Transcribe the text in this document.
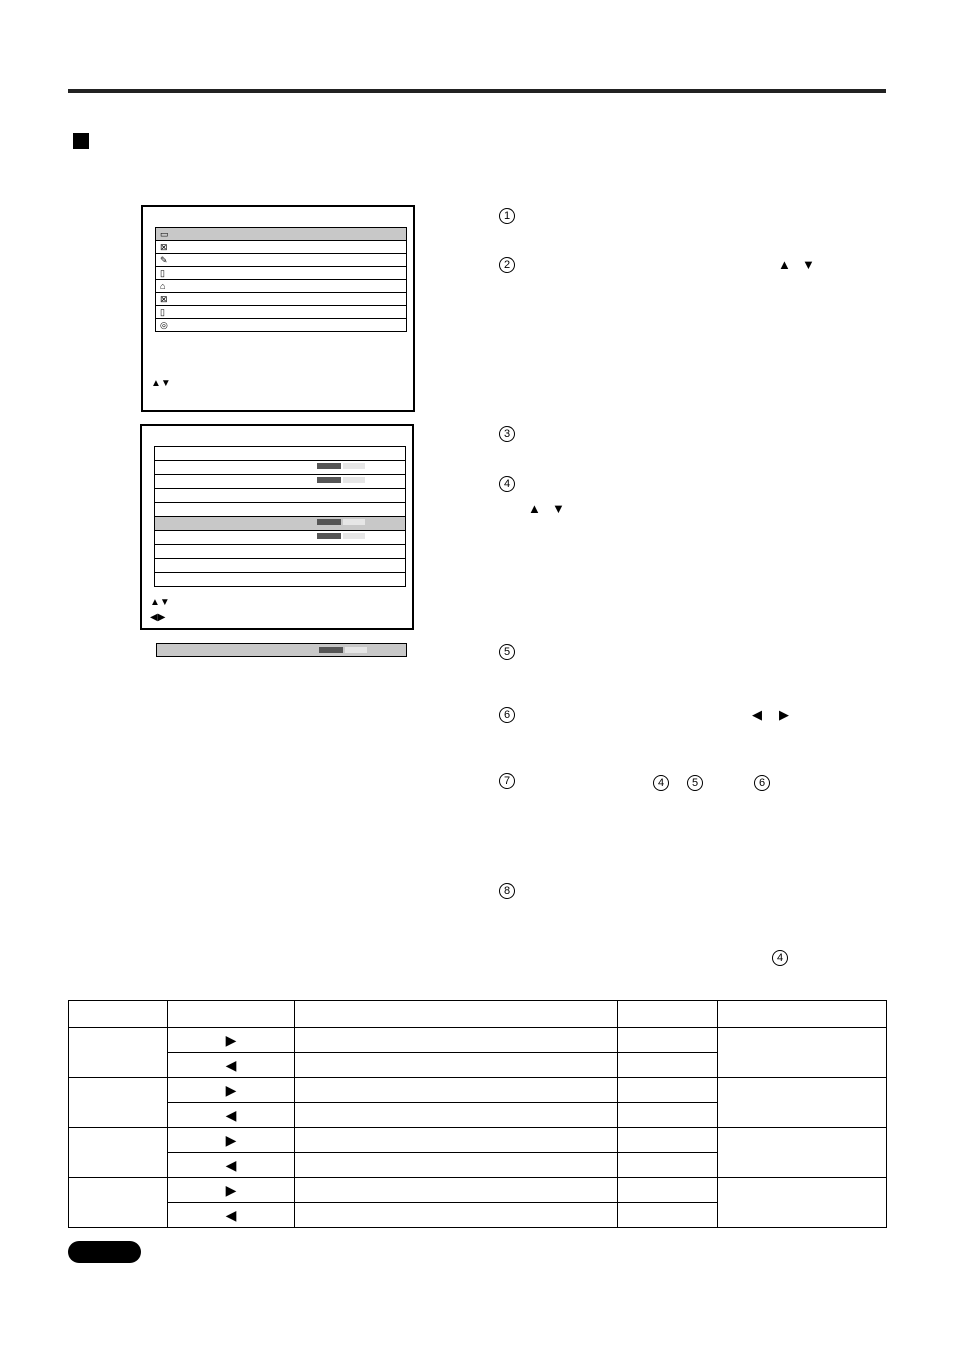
▭
⊠
✎
▯
⌂
⊠
▯
◎
▲▼
▲▼
◀▶
1
2	▲ ▼
3
4
▲ ▼
5
6	◀ ▶
7	4	5	6
8
4

	▶			
	◀			
	▶			
	◀			
	▶			
	◀			
	▶			
	◀			
